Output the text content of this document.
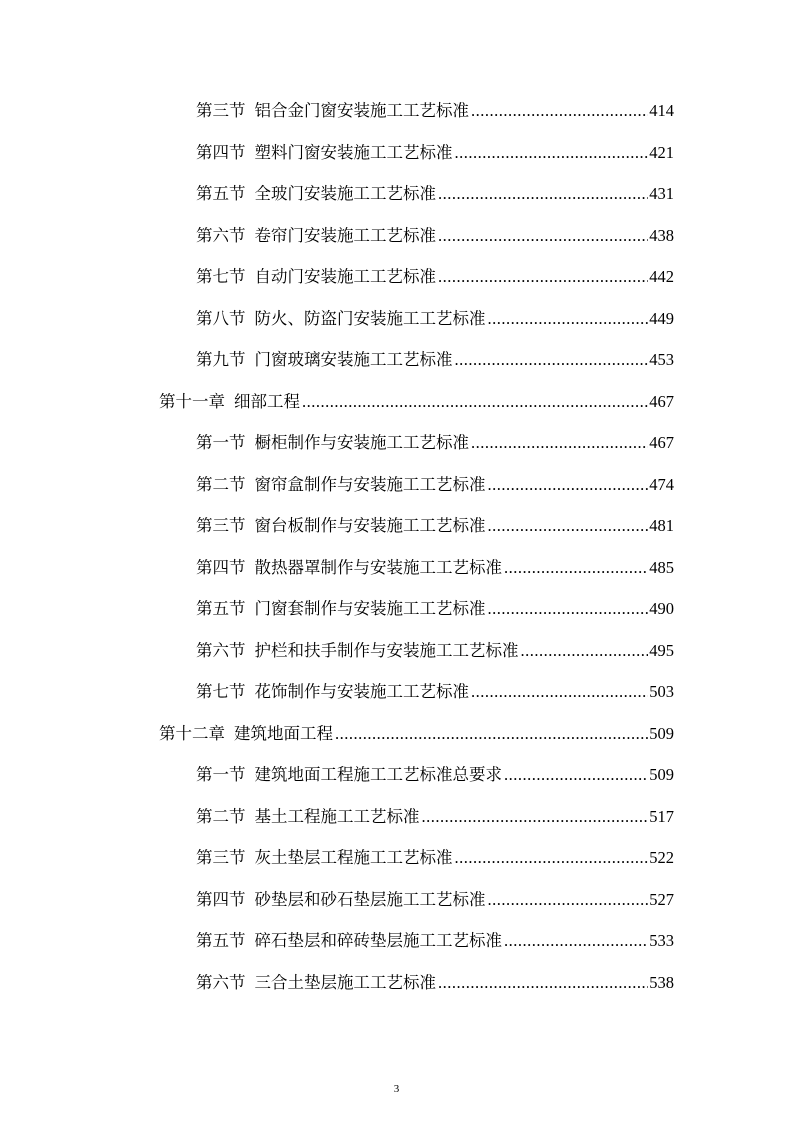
第三节 铝合金门窗安装施工工艺标准 .....	414
第四节 塑料门窗安装施工工艺标准 .....	421
第五节 全玻门安装施工工艺标准 .....	431
第六节 卷帘门安装施工工艺标准 .....	438
第七节 自动门安装施工工艺标准 .....	442
第八节 防火、防盗门安装施工工艺标准 .....	449
第九节 门窗玻璃安装施工工艺标准 .....	453
第十一章 细部工程 .....	467
第一节 橱柜制作与安装施工工艺标准 .....	467
第二节 窗帘盒制作与安装施工工艺标准 .....	474
第三节 窗台板制作与安装施工工艺标准 .....	481
第四节 散热器罩制作与安装施工工艺标准 .....	485
第五节 门窗套制作与安装施工工艺标准 .....	490
第六节 护栏和扶手制作与安装施工工艺标准 .....	495
第七节 花饰制作与安装施工工艺标准 .....	503
第十二章 建筑地面工程 .....	509
第一节 建筑地面工程施工工艺标准总要求 .....	509
第二节 基土工程施工工艺标准 .....	517
第三节 灰土垫层工程施工工艺标准 .....	522
第四节 砂垫层和砂石垫层施工工艺标准 .....	527
第五节 碎石垫层和碎砖垫层施工工艺标准 .....	533
第六节 三合土垫层施工工艺标准 .....	538
3
